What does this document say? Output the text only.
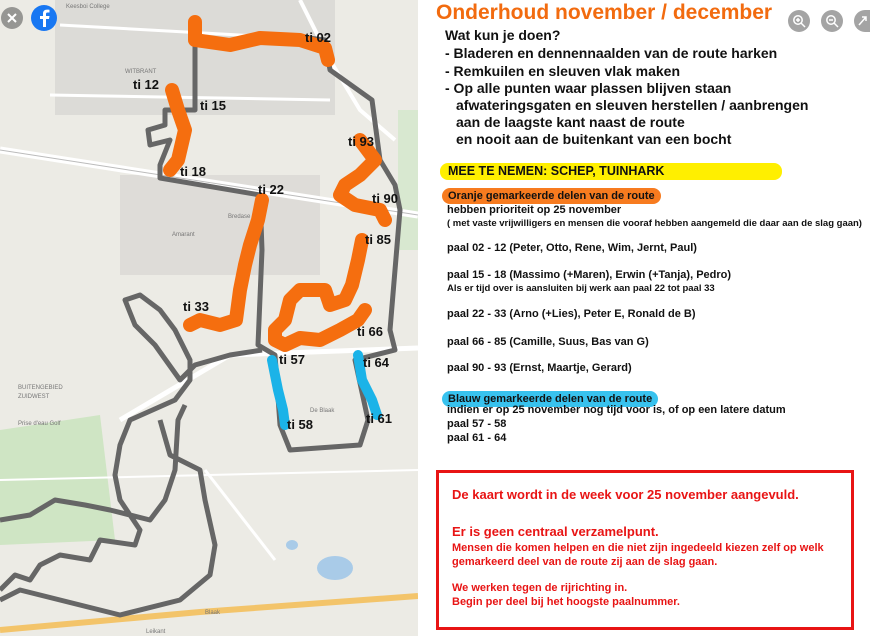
WITBRANT
Amarant
Bredase
BUITENGEBIED
ZUIDWEST
Prise d'eau Golf
De Blaak
Blaak
Leikant
Keesboi College
ti 02
ti 12
ti 15
ti 18
ti 22
ti 33
ti 93
ti 90
ti 85
ti 66
ti 57	ti 64
ti 58	ti 61
Onderhoud november / december
Wat kun je doen?
- Bladeren en dennennaalden van de route harken
- Remkuilen en sleuven vlak maken
- Op alle punten waar plassen blijven staan
afwateringsgaten en sleuven herstellen / aanbrengen
aan de laagste kant naast de route
en nooit aan de buitenkant van een bocht
MEE TE NEMEN: SCHEP, TUINHARK
Oranje gemarkeerde delen van de route
hebben prioriteit op 25 november
( met vaste vrijwilligers en mensen die vooraf hebben aangemeld die daar aan de slag gaan)
paal 02 - 12 (Peter, Otto, Rene, Wim, Jernt, Paul)
paal 15 - 18 (Massimo (+Maren), Erwin (+Tanja), Pedro)
Als er tijd over is aansluiten bij werk aan paal 22 tot paal 33
paal 22 - 33 (Arno (+Lies), Peter E, Ronald de B)
paal 66 - 85 (Camille, Suus, Bas van G)
paal 90 - 93 (Ernst, Maartje, Gerard)
Blauw gemarkeerde delen van de route
indien er op 25 november nog tijd voor is, of op een latere datum
paal 57 - 58
paal 61 - 64
De kaart wordt in de week voor 25 november aangevuld.
Er is geen centraal verzamelpunt.
Mensen die komen helpen en die niet zijn ingedeeld kiezen zelf op welk
gemarkeerd deel van de route zij aan de slag gaan.
We werken tegen de rijrichting in.
Begin per deel bij het hoogste paalnummer.
